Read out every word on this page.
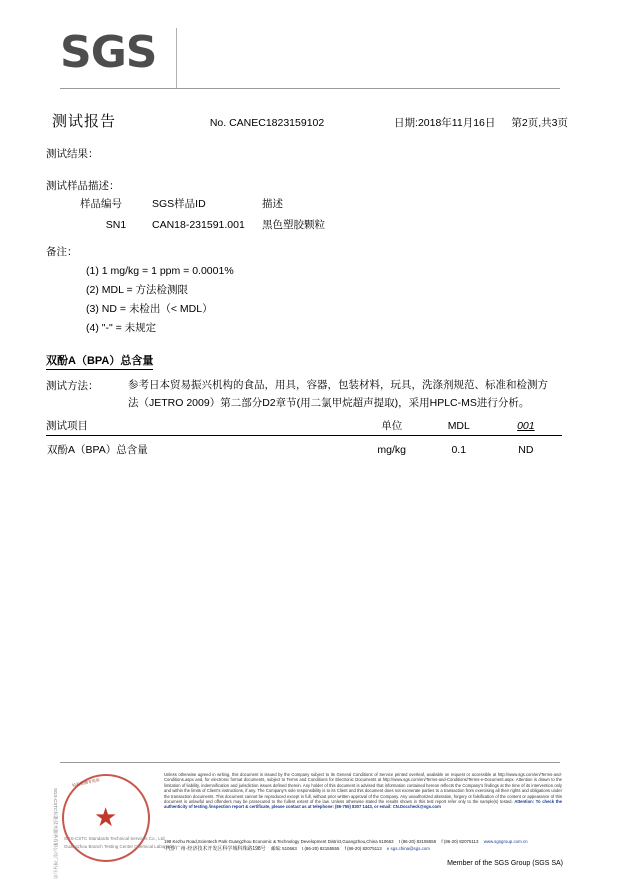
SGS
测试报告	No. CANEC1823159102	日期:2018年11月16日 第2页,共3页
测试结果：
测试样品描述：
样品编号	SGS样品ID	描述
SN1	CAN18-231591.001	黑色塑胶颗粒
备注：
(1) 1 mg/kg = 1 ppm = 0.0001%
(2) MDL = 方法检测限
(3) ND = 未检出（< MDL）
(4) "-" = 未规定
双酚A（BPA）总含量
测试方法：	参考日本贸易振兴机构的食品，用具，容器，包装材料，玩具，洗涤剂规范、标准和检测方法（JETRO 2009）第二部分D2章节(用二氯甲烷超声提取)，采用HPLC-MS进行分析。
测试项目	单位	MDL	001
双酚A（BPA）总含量	mg/kg	0.1	ND
★
检验检测专用章
SGS-CSTC标准技术服务有限公司广州分公司 SGS-CSTC Standards Technical Services Co., Ltd.
Guangzhou Branch Testing Center Chemical Laboratory
Unless otherwise agreed in writing, this document is issued by the Company subject to its General Conditions of Service printed overleaf, available on request or accessible at http://www.sgs.com/en/Terms-and-Conditions.aspx and, for electronic format documents, subject to Terms and Conditions for Electronic Documents at http://www.sgs.com/en/Terms-and-Conditions/Terms-e-Document.aspx. Attention is drawn to the limitation of liability, indemnification and jurisdiction issues defined therein. Any holder of this document is advised that information contained hereon reflects the Company's findings at the time of its intervention only and within the limits of Client's instructions, if any. The Company's sole responsibility is to its Client and this document does not exonerate parties to a transaction from exercising all their rights and obligations under the transaction documents. This document cannot be reproduced except in full, without prior written approval of the Company. Any unauthorized alteration, forgery or falsification of the content or appearance of this document is unlawful and offenders may be prosecuted to the fullest extent of the law. Unless otherwise stated the results shown in this test report refer only to the sample(s) tested. Attention: To check the authenticity of testing /inspection report & certificate, please contact us at telephone: (86-755) 8307 1443, or email: CN.Doccheck@sgs.com
198 Kezhu Road,Scientech Park Guangzhou Economic & Technology Development District,Guangzhou,China 510663 t (86-20) 82155555 f (86-20) 82075113 www.sgsgroup.com.cn
中国·广州·经济技术开发区科学城科珠路198号 邮编: 510663 t (86-20) 82155555 f (86-20) 82075113 e sgs.china@sgs.com
Member of the SGS Group (SGS SA)
